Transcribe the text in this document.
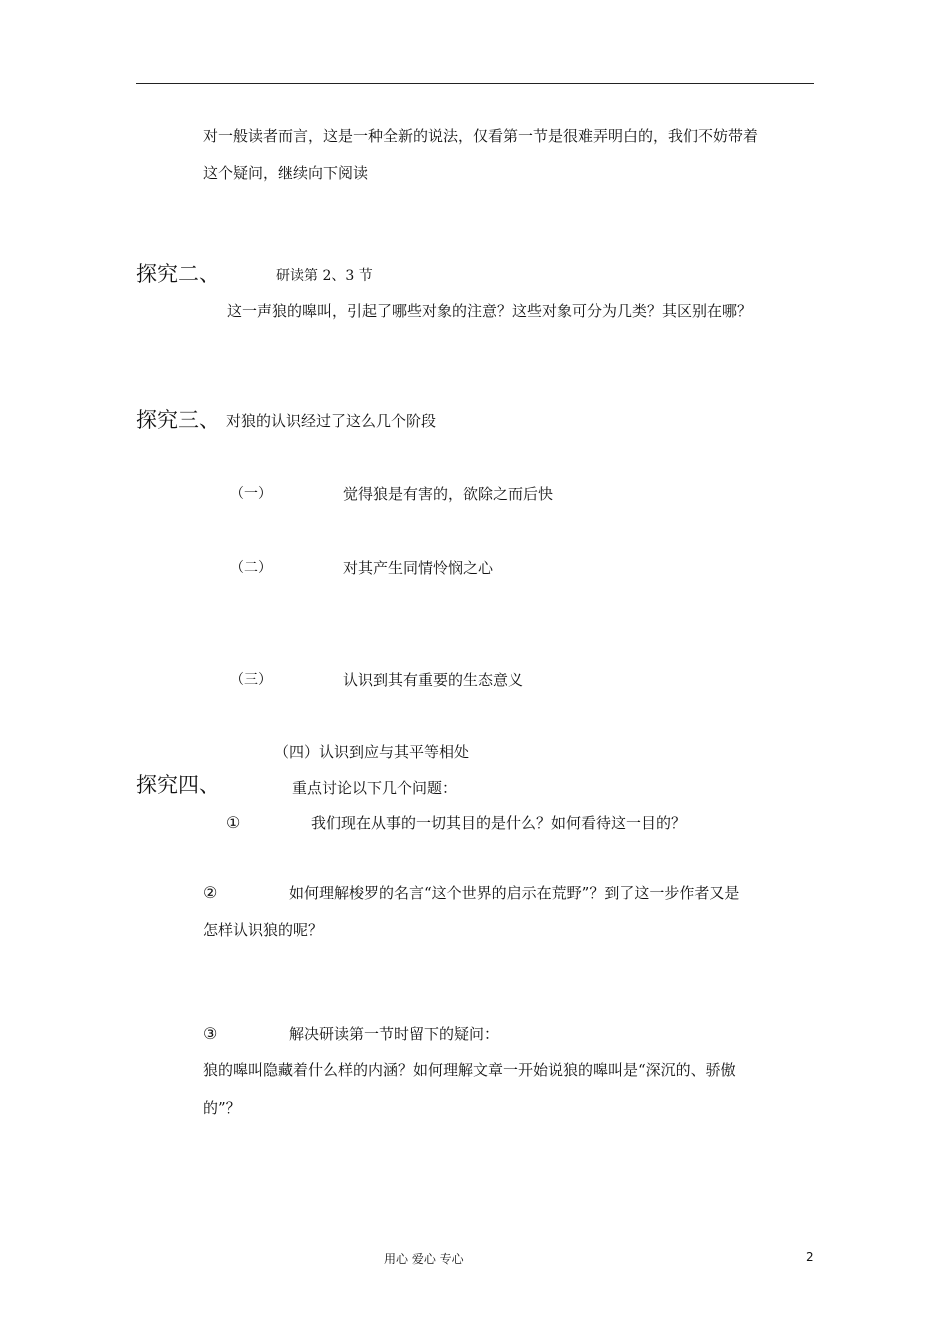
对一般读者而言，这是一种全新的说法，仅看第一节是很难弄明白的，我们不妨带着
这个疑问，继续向下阅读
探究二、	研读第 2、3 节
这一声狼的嗥叫，引起了哪些对象的注意？这些对象可分为几类？其区别在哪？
探究三、 对狼的认识经过了这么几个阶段
（一）	觉得狼是有害的，欲除之而后快
（二）	对其产生同情怜悯之心
（三）	认识到其有重要的生态意义
（四）认识到应与其平等相处
探究四、	重点讨论以下几个问题：
①	我们现在从事的一切其目的是什么？如何看待这一目的？
②	如何理解梭罗的名言“这个世界的启示在荒野”？到了这一步作者又是
怎样认识狼的呢？
③	解决研读第一节时留下的疑问：
狼的嗥叫隐藏着什么样的内涵？如何理解文章一开始说狼的嗥叫是“深沉的、骄傲
的”？
用心 爱心 专心	2
